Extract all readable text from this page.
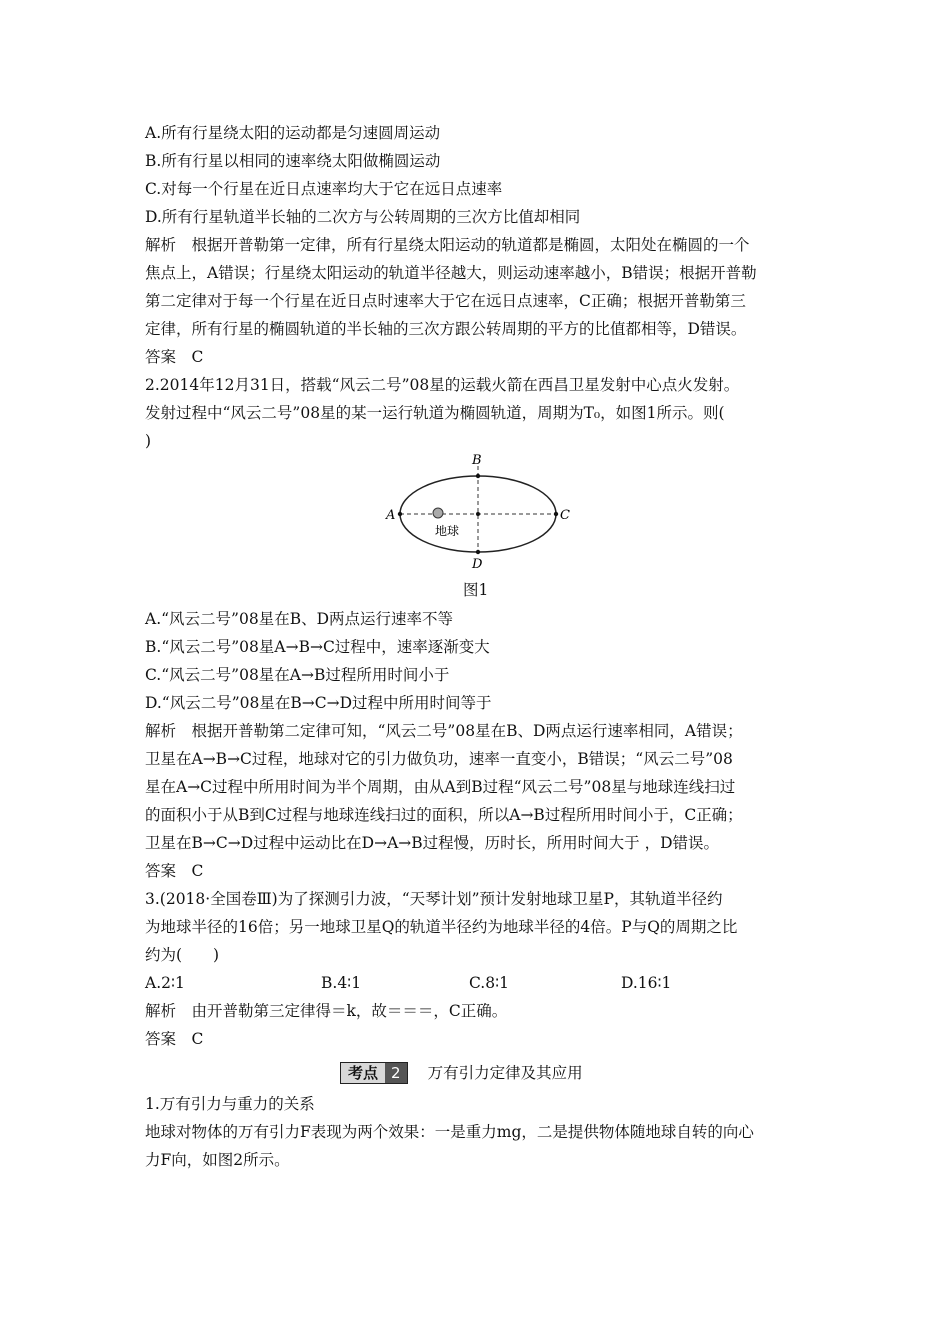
A.所有行星绕太阳的运动都是匀速圆周运动
B.所有行星以相同的速率绕太阳做椭圆运动
C.对每一个行星在近日点速率均大于它在远日点速率
D.所有行星轨道半长轴的二次方与公转周期的三次方比值却相同
解析　根据开普勒第一定律，所有行星绕太阳运动的轨道都是椭圆，太阳处在椭圆的一个
焦点上，A错误；行星绕太阳运动的轨道半径越大，则运动速率越小，B错误；根据开普勒
第二定律对于每一个行星在近日点时速率大于它在远日点速率，C正确；根据开普勒第三
定律，所有行星的椭圆轨道的半长轴的三次方跟公转周期的平方的比值都相等，D错误。
答案　C
2.2014年12月31日，搭载“风云二号”08星的运载火箭在西昌卫星发射中心点火发射。
发射过程中“风云二号”08星的某一运行轨道为椭圆轨道，周期为T₀，如图1所示。则(
)
A
B
C
D
地球
图1
A.“风云二号”08星在B、D两点运行速率不等
B.“风云二号”08星A→B→C过程中，速率逐渐变大
C.“风云二号”08星在A→B过程所用时间小于
D.“风云二号”08星在B→C→D过程中所用时间等于
解析　根据开普勒第二定律可知，“风云二号”08星在B、D两点运行速率相同，A错误；
卫星在A→B→C过程，地球对它的引力做负功，速率一直变小，B错误；“风云二号”08
星在A→C过程中所用时间为半个周期，由从A到B过程“风云二号”08星与地球连线扫过
的面积小于从B到C过程与地球连线扫过的面积，所以A→B过程所用时间小于，C正确；
卫星在B→C→D过程中运动比在D→A→B过程慢，历时长，所用时间大于 ，D错误。
答案　C
3.(2018·全国卷Ⅲ)为了探测引力波，“天琴计划”预计发射地球卫星P，其轨道半径约
为地球半径的16倍；另一地球卫星Q的轨道半径约为地球半径的4倍。P与Q的周期之比
约为(　　)
A.2∶1	B.4∶1	C.8∶1	D.16∶1
解析　由开普勒第三定律得＝k，故＝＝＝，C正确。
答案　C
考点 2	万有引力定律及其应用
1.万有引力与重力的关系
地球对物体的万有引力F表现为两个效果：一是重力mg，二是提供物体随地球自转的向心
力F向，如图2所示。
